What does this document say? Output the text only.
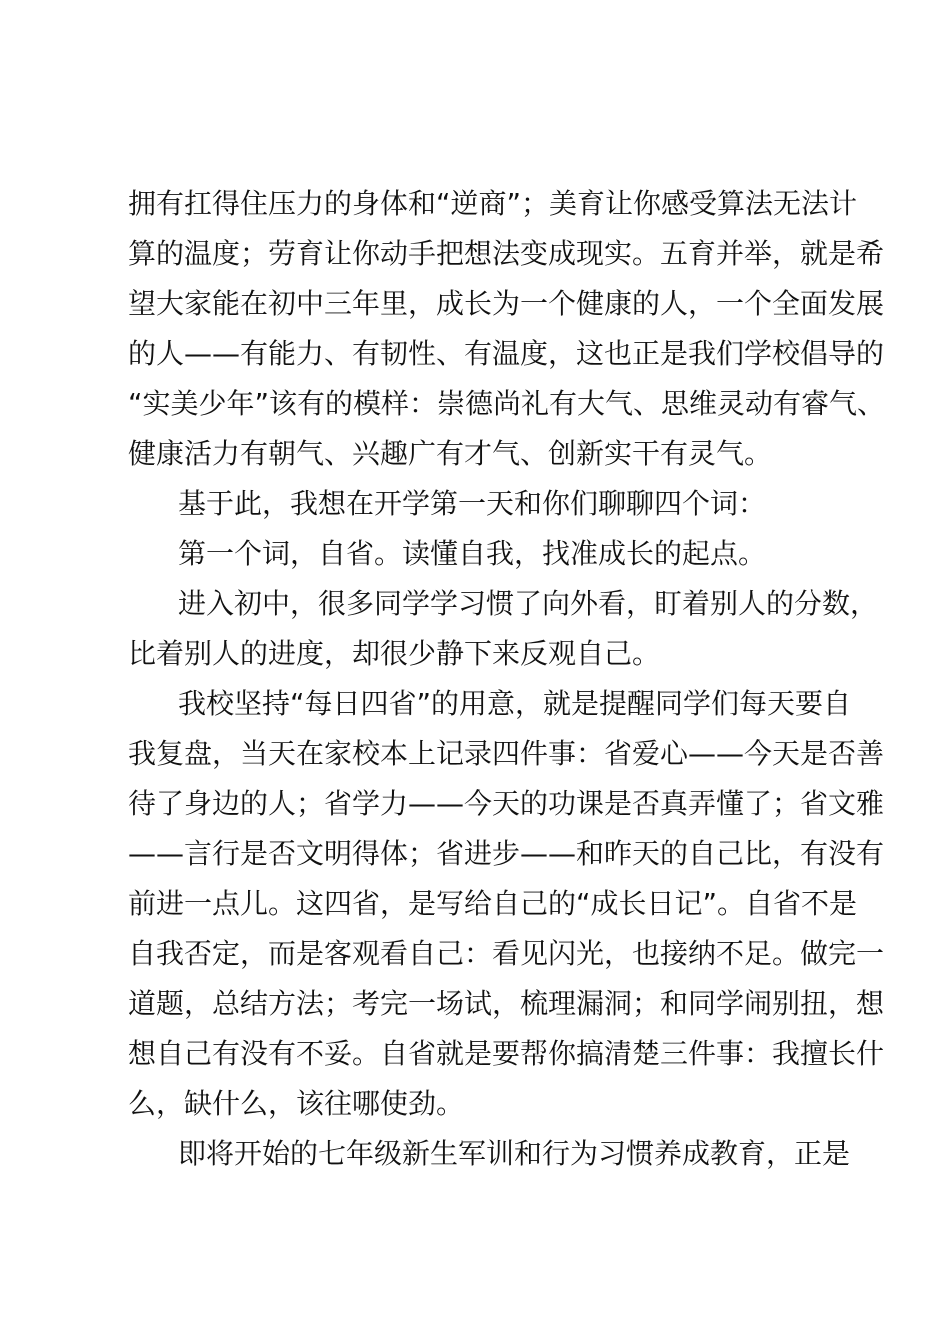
拥有扛得住压力的身体和“逆商”；美育让你感受算法无法计
算的温度；劳育让你动手把想法变成现实。五育并举，就是希
望大家能在初中三年里，成长为一个健康的人，一个全面发展
的人——有能力、有韧性、有温度，这也正是我们学校倡导的
“实美少年”该有的模样：崇德尚礼有大气、思维灵动有睿气、
健康活力有朝气、兴趣广有才气、创新实干有灵气。
基于此，我想在开学第一天和你们聊聊四个词：
第一个词，自省。读懂自我，找准成长的起点。
进入初中，很多同学学习惯了向外看，盯着别人的分数，
比着别人的进度，却很少静下来反观自己。
我校坚持“每日四省”的用意，就是提醒同学们每天要自
我复盘，当天在家校本上记录四件事：省爱心——今天是否善
待了身边的人；省学力——今天的功课是否真弄懂了；省文雅
——言行是否文明得体；省进步——和昨天的自己比，有没有
前进一点儿。这四省，是写给自己的“成长日记”。自省不是
自我否定，而是客观看自己：看见闪光，也接纳不足。做完一
道题，总结方法；考完一场试，梳理漏洞；和同学闹别扭，想
想自己有没有不妥。自省就是要帮你搞清楚三件事：我擅长什
么，缺什么，该往哪使劲。
即将开始的七年级新生军训和行为习惯养成教育，正是
